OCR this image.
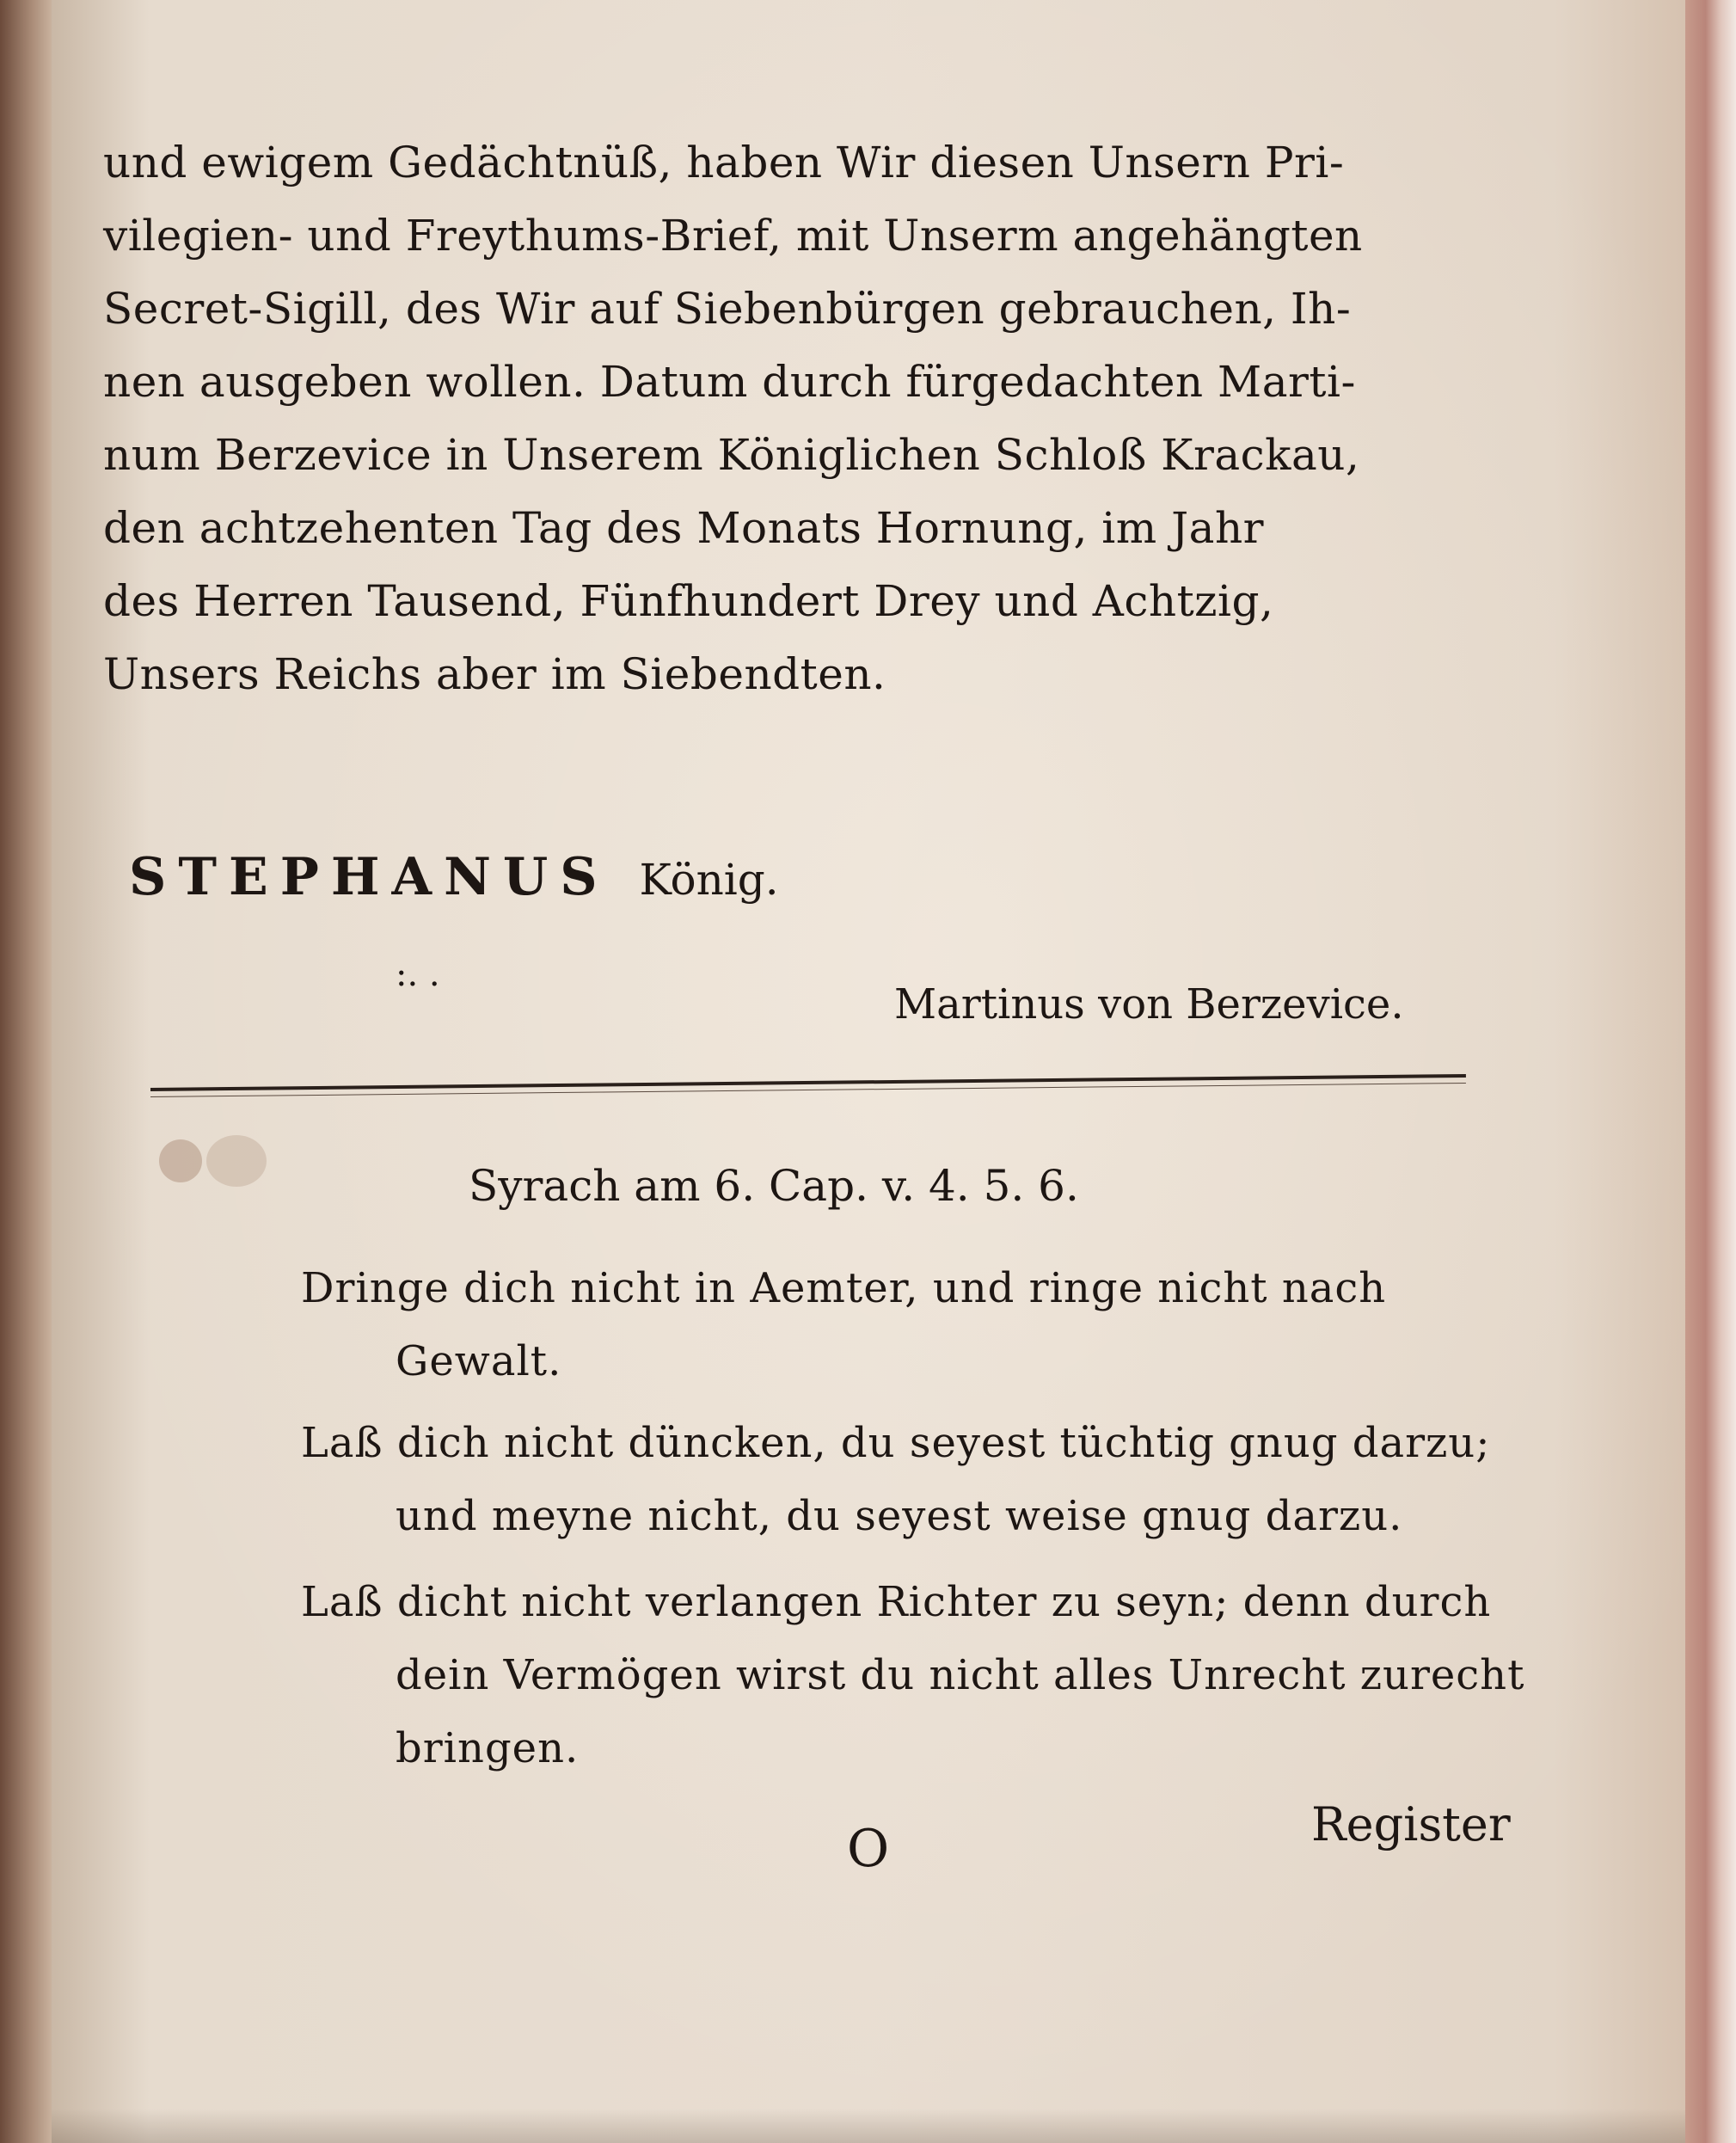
und ewigem Gedächtnüß, haben Wir diesen Unsern Pri-

vilegien- und Freythums-Brief, mit Unserm angehängten

Secret-Sigill, des Wir auf Siebenbürgen gebrauchen, Ih-

nen ausgeben wollen. Datum durch fürgedachten Marti-

num Berzevice in Unserem Königlichen Schloß Krackau,

den achtzehenten Tag des Monats Hornung, im Jahr

des Herren Tausend, Fünfhundert Drey und Achtzig,

Unsers Reichs aber im Siebendten.

STEPHANUS König.

:. .

Martinus von Berzevice.

Syrach am 6. Cap. v. 4. 5. 6.

Dringe dich nicht in Aemter, und ringe nicht nach

Gewalt.

Laß dich nicht düncken, du seyest tüchtig gnug darzu;

und meyne nicht, du seyest weise gnug darzu.

Laß dicht nicht verlangen Richter zu seyn; denn durch

dein Vermögen wirst du nicht alles Unrecht zurecht

bringen.

O	Register
